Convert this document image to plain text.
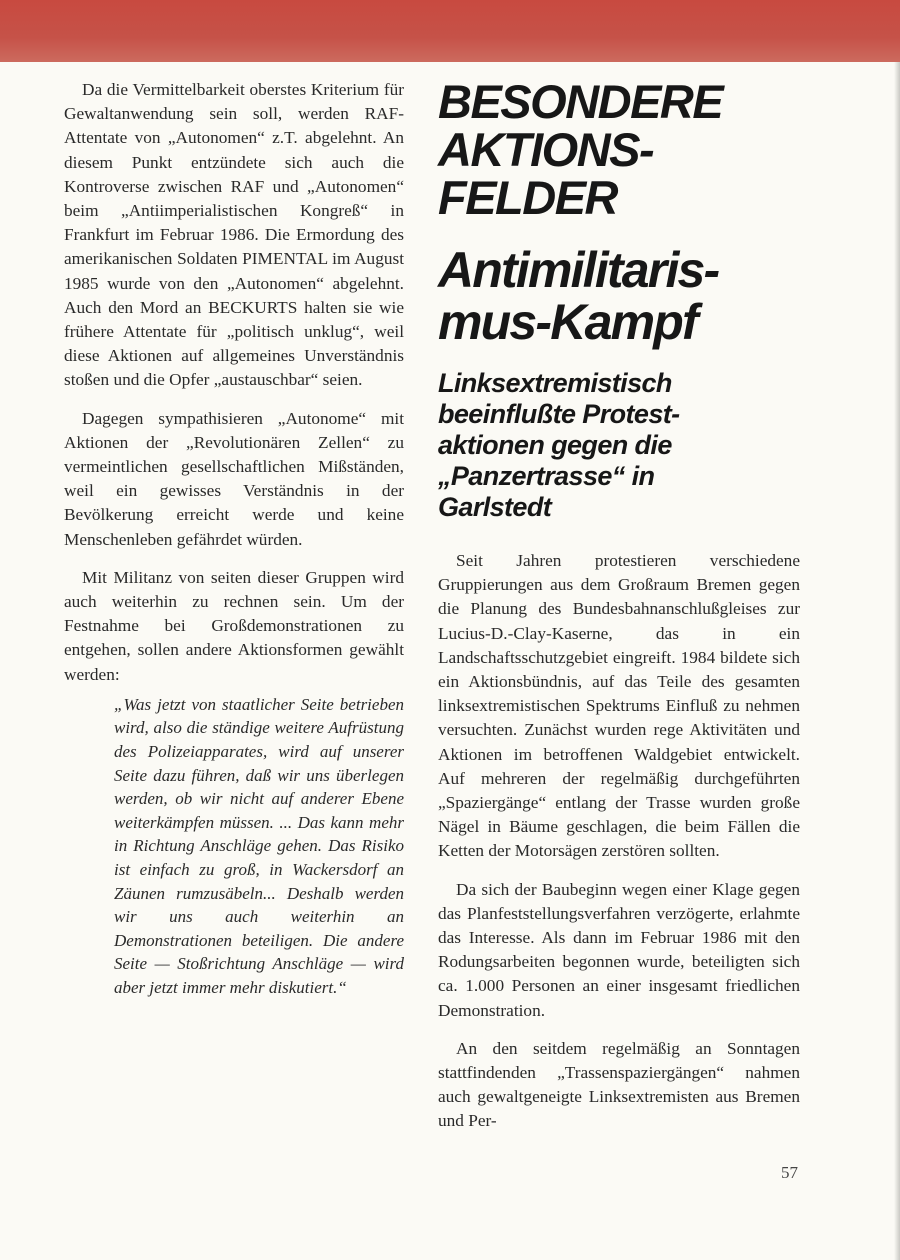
Da die Vermittelbarkeit oberstes Kriterium für Gewaltanwendung sein soll, werden RAF-Attentate von „Autonomen“ z.T. abgelehnt. An diesem Punkt entzündete sich auch die Kontroverse zwischen RAF und „Autonomen“ beim „Antiimperialistischen Kongreß“ in Frankfurt im Februar 1986. Die Ermordung des amerikanischen Soldaten PIMENTAL im August 1985 wurde von den „Autonomen“ abgelehnt. Auch den Mord an BECKURTS halten sie wie frühere Attentate für „politisch unklug“, weil diese Aktionen auf allgemeines Unverständnis stoßen und die Opfer „austauschbar“ seien.

Dagegen sympathisieren „Autonome“ mit Aktionen der „Revolutionären Zellen“ zu vermeintlichen gesellschaftlichen Mißständen, weil ein gewisses Verständnis in der Bevölkerung erreicht werde und keine Menschenleben gefährdet würden.

Mit Militanz von seiten dieser Gruppen wird auch weiterhin zu rechnen sein. Um der Festnahme bei Großdemonstrationen zu entgehen, sollen andere Aktionsformen gewählt werden:

„Was jetzt von staatlicher Seite betrieben wird, also die ständige weitere Aufrüstung des Polizeiapparates, wird auf unserer Seite dazu führen, daß wir uns überlegen werden, ob wir nicht auf anderer Ebene weiterkämpfen müssen. ... Das kann mehr in Richtung Anschläge gehen. Das Risiko ist einfach zu groß, in Wackersdorf an Zäunen rumzusäbeln... Deshalb werden wir uns auch weiterhin an Demonstrationen beteiligen. Die andere Seite — Stoßrichtung Anschläge — wird aber jetzt immer mehr diskutiert.“

BESONDERE
AKTIONS-
FELDER
Antimilitaris-
mus-Kampf
Linksextremistisch
beeinflußte Protest-
aktionen gegen die
„Panzertrasse“ in
Garlstedt

Seit Jahren protestieren verschiedene Gruppierungen aus dem Großraum Bremen gegen die Planung des Bundesbahnanschlußgleises zur Lucius-D.-Clay-Kaserne, das in ein Landschaftsschutzgebiet eingreift. 1984 bildete sich ein Aktionsbündnis, auf das Teile des gesamten linksextremistischen Spektrums Einfluß zu nehmen versuchten. Zunächst wurden rege Aktivitäten und Aktionen im betroffenen Waldgebiet entwickelt. Auf mehreren der regelmäßig durchgeführten „Spaziergänge“ entlang der Trasse wurden große Nägel in Bäume geschlagen, die beim Fällen die Ketten der Motorsägen zerstören sollten.

Da sich der Baubeginn wegen einer Klage gegen das Planfeststellungsverfahren verzögerte, erlahmte das Interesse. Als dann im Februar 1986 mit den Rodungsarbeiten begonnen wurde, beteiligten sich ca. 1.000 Personen an einer insgesamt friedlichen Demonstration.

An den seitdem regelmäßig an Sonntagen stattfindenden „Trassenspaziergängen“ nahmen auch gewaltgeneigte Linksextremisten aus Bremen und Per-

57
